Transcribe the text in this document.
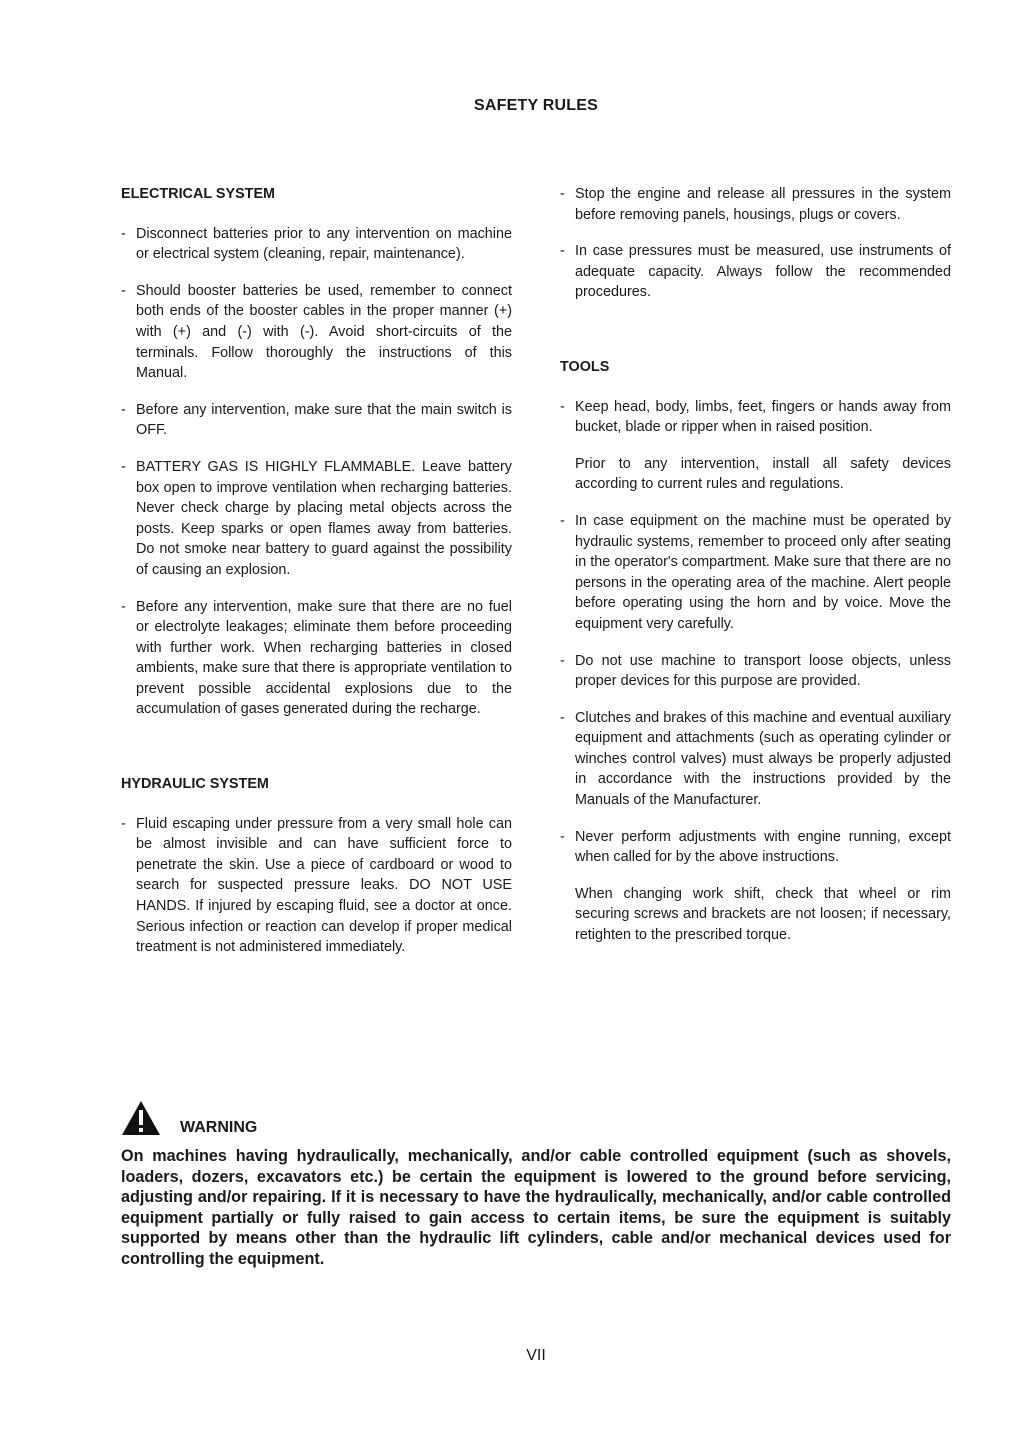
SAFETY RULES
ELECTRICAL SYSTEM
- Disconnect batteries prior to any intervention on machine or electrical system (cleaning, repair, maintenance).
- Should booster batteries be used, remember to connect both ends of the booster cables in the proper manner (+) with (+) and (-) with (-). Avoid short-circuits of the terminals. Follow thoroughly the instructions of this Manual.
- Before any intervention, make sure that the main switch is OFF.
- BATTERY GAS IS HIGHLY FLAMMABLE. Leave battery box open to improve ventilation when recharging batteries. Never check charge by placing metal objects across the posts. Keep sparks or open flames away from batteries. Do not smoke near battery to guard against the possibility of causing an explosion.
- Before any intervention, make sure that there are no fuel or electrolyte leakages; eliminate them before proceeding with further work. When recharging batteries in closed ambients, make sure that there is appropriate ventilation to prevent possible accidental explosions due to the accumulation of gases generated during the recharge.
HYDRAULIC SYSTEM
- Fluid escaping under pressure from a very small hole can be almost invisible and can have sufficient force to penetrate the skin. Use a piece of cardboard or wood to search for suspected pressure leaks. DO NOT USE HANDS. If injured by escaping fluid, see a doctor at once. Serious infection or reaction can develop if proper medical treatment is not administered immediately.
- Stop the engine and release all pressures in the system before removing panels, housings, plugs or covers.
- In case pressures must be measured, use instruments of adequate capacity. Always follow the recommended procedures.
TOOLS
- Keep head, body, limbs, feet, fingers or hands away from bucket, blade or ripper when in raised position.
Prior to any intervention, install all safety devices according to current rules and regulations.
- In case equipment on the machine must be operated by hydraulic systems, remember to proceed only after seating in the operator's compartment. Make sure that there are no persons in the operating area of the machine. Alert people before operating using the horn and by voice. Move the equipment very carefully.
- Do not use machine to transport loose objects, unless proper devices for this purpose are provided.
- Clutches and brakes of this machine and eventual auxiliary equipment and attachments (such as operating cylinder or winches control valves) must always be properly adjusted in accordance with the instructions provided by the Manuals of the Manufacturer.
- Never perform adjustments with engine running, except when called for by the above instructions.
When changing work shift, check that wheel or rim securing screws and brackets are not loosen; if necessary, retighten to the prescribed torque.
WARNING
On machines having hydraulically, mechanically, and/or cable controlled equipment (such as shovels, loaders, dozers, excavators etc.) be certain the equipment is lowered to the ground before servicing, adjusting and/or repairing. If it is necessary to have the hydraulically, mechanically, and/or cable controlled equipment partially or fully raised to gain access to certain items, be sure the equipment is suitably supported by means other than the hydraulic lift cylinders, cable and/or mechanical devices used for controlling the equipment.
VII
